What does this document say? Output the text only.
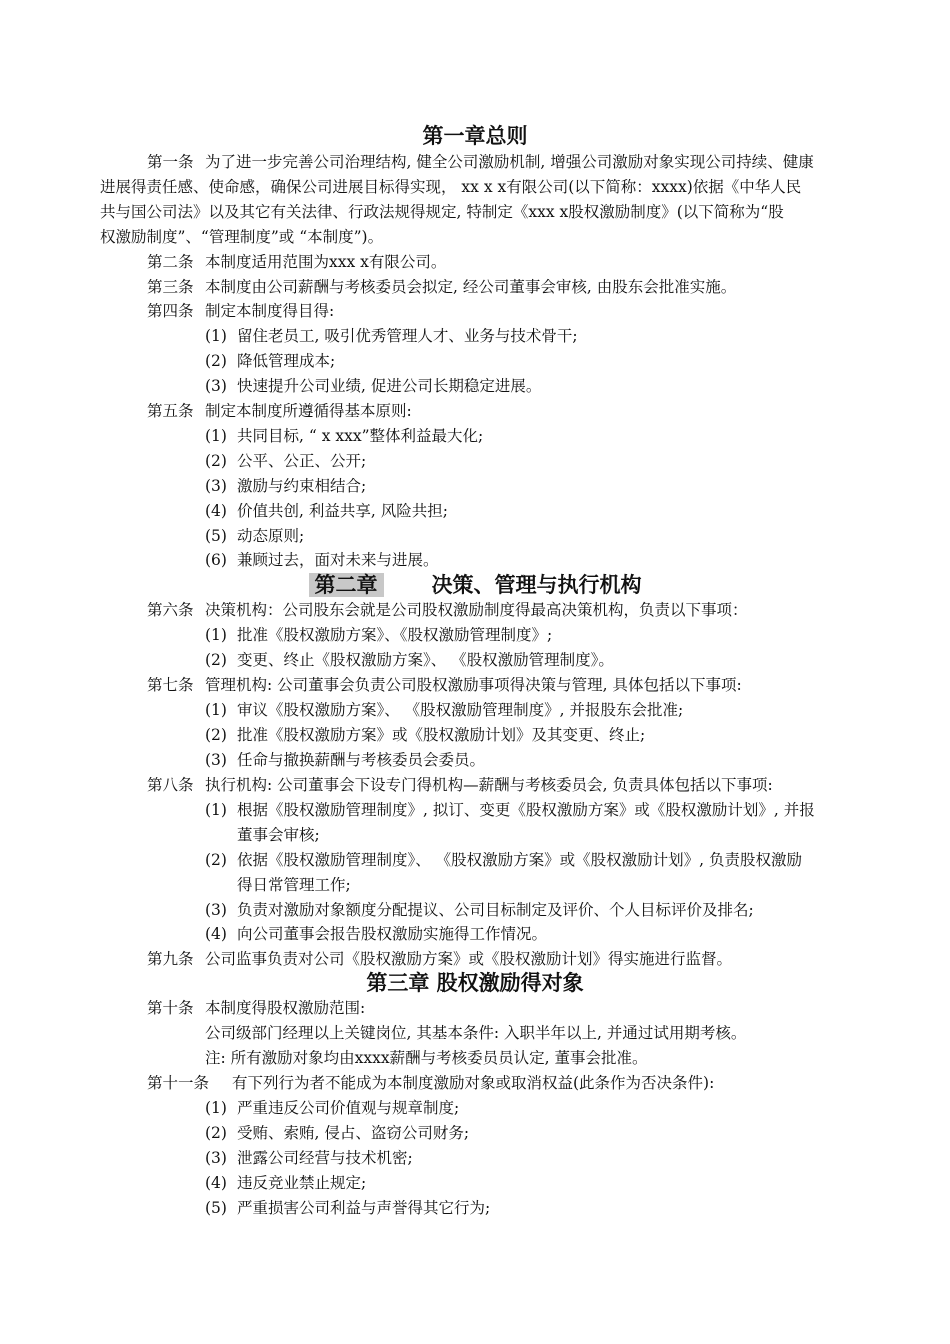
第一章总则
第一条 为了进一步完善公司治理结构, 健全公司激励机制, 增强公司激励对象实现公司持续、健康
进展得责任感、使命感，确保公司进展目标得实现， xx x x有限公司(以下简称：xxxx)依据《中华人民
共与国公司法》以及其它有关法律、行政法规得规定, 特制定《xxx x股权激励制度》(以下简称为“股
权激励制度”、“管理制度”或 “本制度”)。
第二条 本制度适用范围为xxx x有限公司。
第三条 本制度由公司薪酬与考核委员会拟定, 经公司董事会审核, 由股东会批准实施。
第四条 制定本制度得目得:
(1) 留住老员工, 吸引优秀管理人才、业务与技术骨干;
(2) 降低管理成本;
(3) 快速提升公司业绩, 促进公司长期稳定进展。
第五条 制定本制度所遵循得基本原则:
(1) 共同目标, “ x xxx”整体利益最大化;
(2) 公平、公正、公开;
(3) 激励与约束相结合;
(4) 价值共创, 利益共享, 风险共担;
(5) 动态原则;
(6) 兼顾过去，面对未来与进展。
第二章	决策、管理与执行机构
第六条 决策机构：公司股东会就是公司股权激励制度得最高决策机构，负责以下事项：
(1) 批准《股权激励方案》、《股权激励管理制度》;
(2) 变更、终止《股权激励方案》、 《股权激励管理制度》。
第七条 管理机构: 公司董事会负责公司股权激励事项得决策与管理, 具体包括以下事项:
(1) 审议《股权激励方案》、 《股权激励管理制度》, 并报股东会批准;
(2) 批准《股权激励方案》或《股权激励计划》及其变更、终止;
(3) 任命与撤换薪酬与考核委员会委员。
第八条 执行机构: 公司董事会下设专门得机构—薪酬与考核委员会, 负责具体包括以下事项:
(1) 根据《股权激励管理制度》, 拟订、变更《股权激励方案》或《股权激励计划》, 并报
董事会审核;
(2) 依据《股权激励管理制度》、 《股权激励方案》或《股权激励计划》, 负责股权激励
得日常管理工作;
(3) 负责对激励对象额度分配提议、公司目标制定及评价、个人目标评价及排名;
(4) 向公司董事会报告股权激励实施得工作情况。
第九条 公司监事负责对公司《股权激励方案》或《股权激励计划》得实施进行监督。
第三章 股权激励得对象
第十条 本制度得股权激励范围:
公司级部门经理以上关键岗位, 其基本条件: 入职半年以上, 并通过试用期考核。
注: 所有激励对象均由xxxx薪酬与考核委员员认定, 董事会批准。
第十一条 有下列行为者不能成为本制度激励对象或取消权益(此条作为否决条件):
(1) 严重违反公司价值观与规章制度;
(2) 受贿、索贿, 侵占、盗窃公司财务;
(3) 泄露公司经营与技术机密;
(4) 违反竞业禁止规定;
(5) 严重损害公司利益与声誉得其它行为;
